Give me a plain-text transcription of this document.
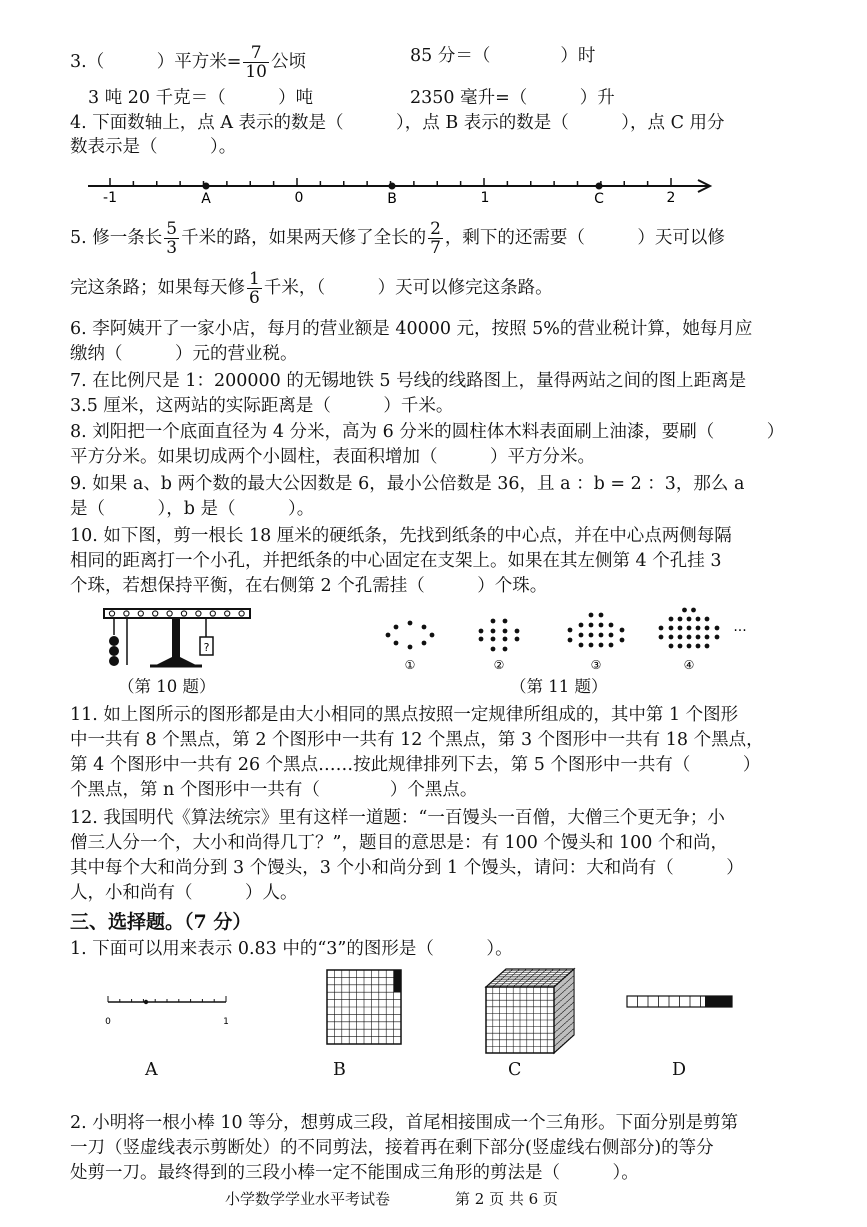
3.（　　　）平方米= $\frac{7}{10}$ 公顷	85 分＝（　　　　）时
3 吨 20 千克＝（　　　）吨	2350 毫升=（　　　）升
4. 下面数轴上，点 A 表示的数是（　　　），点 B 表示的数是（　　　），点 C 用分
数表示是（　　　）。
-1	A	0	B	1	C	2
5. 修一条长 $\frac{5}{3}$ 千米的路，如果两天修了全长的 $\frac{2}{7}$ ，剩下的还需要（　　　）天可以修
完这条路；如果每天修 $\frac{1}{6}$ 千米，（　　　）天可以修完这条路。
6. 李阿姨开了一家小店，每月的营业额是 40000 元，按照 5%的营业税计算，她每月应
缴纳（　　　）元的营业税。
7. 在比例尺是 1：200000 的无锡地铁 5 号线的线路图上，量得两站之间的图上距离是
3.5 厘米，这两站的实际距离是（　　　）千米。
8. 刘阳把一个底面直径为 4 分米，高为 6 分米的圆柱体木料表面刷上油漆，要刷（　　　）
平方分米。如果切成两个小圆柱，表面积增加（　　　）平方分米。
9. 如果 a、b 两个数的最大公因数是 6，最小公倍数是 36，且 a ：b = 2 ：3，那么 a
是（　　　），b 是（　　　）。
10. 如下图，剪一根长 18 厘米的硬纸条，先找到纸条的中心点，并在中心点两侧每隔
相同的距离打一个小孔，并把纸条的中心固定在支架上。如果在其左侧第 4 个孔挂 3
个珠，若想保持平衡，在右侧第 2 个孔需挂（　　　）个珠。
?
（第 10 题）
①	②	③	④
···
（第 11 题）
11. 如上图所示的图形都是由大小相同的黑点按照一定规律所组成的，其中第 1 个图形
中一共有 8 个黑点，第 2 个图形中一共有 12 个黑点，第 3 个图形中一共有 18 个黑点，
第 4 个图形中一共有 26 个黑点……按此规律排列下去，第 5 个图形中一共有（　　　）
个黑点，第 n 个图形中一共有（　　　　）个黑点。
12. 我国明代《算法统宗》里有这样一道题：“一百馒头一百僧，大僧三个更无争；小
僧三人分一个，大小和尚得几丁？”，题目的意思是：有 100 个馒头和 100 个和尚，
其中每个大和尚分到 3 个馒头，3 个小和尚分到 1 个馒头，请问：大和尚有（　　　）
人，小和尚有（　　　）人。
三、选择题。（7 分）
1. 下面可以用来表示 0.83 中的“3”的图形是（　　　）。
0	1
A	B	C	D
2. 小明将一根小棒 10 等分，想剪成三段，首尾相接围成一个三角形。下面分别是剪第
一刀（竖虚线表示剪断处）的不同剪法，接着再在剩下部分(竖虚线右侧部分)的等分
处剪一刀。最终得到的三段小棒一定不能围成三角形的剪法是（　　　）。
小学数学学业水平考试卷	第 2 页 共 6 页
